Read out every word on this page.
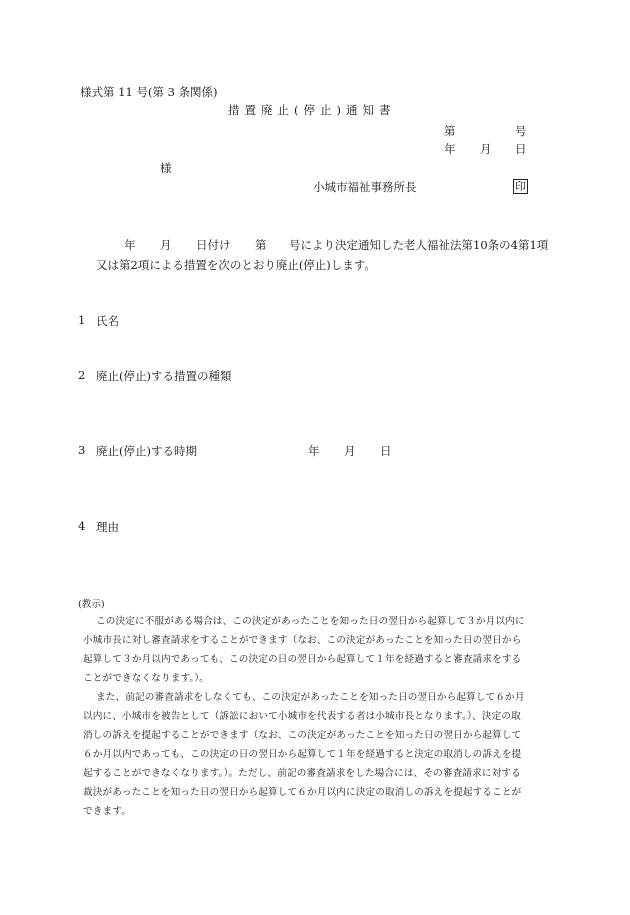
様式第 11 号(第 3 条関係)
措置廃止(停止)通知書
第	号
年 月 日
様
小城市福祉事務所長	印
年 月 日付け 第 号により決定通知した老人福祉法第10条の4第1項
又は第2項による措置を次のとおり廃止(停止)します。
1 氏名
2 廃止(停止)する措置の種類
3 廃止(停止)する時期	年 月 日
4 理由
(教示)
この決定に不服がある場合は、この決定があったことを知った日の翌日から起算して３か月以内に
小城市長に対し審査請求をすることができます（なお、この決定があったことを知った日の翌日から
起算して３か月以内であっても、この決定の日の翌日から起算して１年を経過すると審査請求をする
ことができなくなります。）。
また、前記の審査請求をしなくても、この決定があったことを知った日の翌日から起算して６か月
以内に、小城市を被告として（訴訟において小城市を代表する者は小城市長となります。）、決定の取
消しの訴えを提起することができます（なお、この決定があったことを知った日の翌日から起算して
６か月以内であっても、この決定の日の翌日から起算して１年を経過すると決定の取消しの訴えを提
起することができなくなります。）。ただし、前記の審査請求をした場合には、その審査請求に対する
裁決があったことを知った日の翌日から起算して６か月以内に決定の取消しの訴えを提起することが
できます。
